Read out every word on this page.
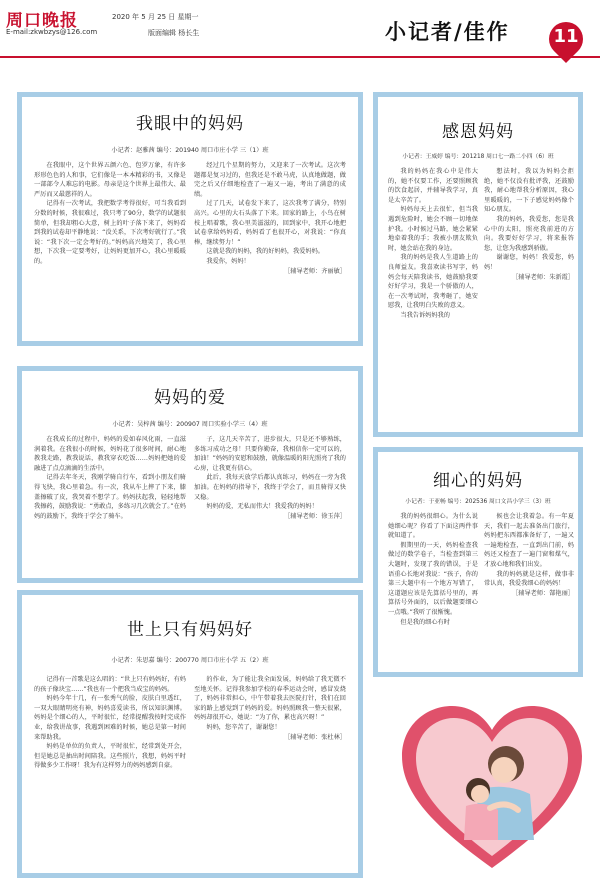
周口晚报
E-mail:zkwbzys@126.com
2020 年 5 月 25 日 星期一
版面编辑 杨长生	小记者/佳作 11
我眼中的妈妈
小记者：赵雅茜 编号：201940 周口市庄小学 三（1）班

在我眼中，这个世界五颜六色、包罗万象，有许多形形色色的人和事，它们像是一本本精彩的书，又像是一部部令人难忘的电影。母亲是这个世界上最伟大、最严厉而又最慈祥的人。

记得有一次考试，我把数学考得很好，可当我看到分数的时候，我很难过，我只考了90分，数学的试题很简单，但我却粗心大意，树上的叶子落下来了，妈妈看到我的试卷却平静地说：“没关系，下次考好就行了。”我说：“我下次一定会考好的。”妈妈高兴地笑了，我心里想，下次我一定要考好，让妈妈更加开心，我心里暖暖的。

经过几个星期的努力，又迎来了一次考试。这次考题都是复习过的，但我还是不敢马虎，认真地做题，做完之后又仔细地检查了一遍又一遍，考出了满意的成绩。

过了几天，试卷发下来了，这次我考了满分，特别高兴。心里的大石头落了下来。回家的路上，小鸟在树枝上唱着歌，我心里美滋滋的，回到家中，我开心地把试卷拿给妈妈看，妈妈看了也很开心，对我说：“你真棒，继续努力！”

这就是我的妈妈，我的好妈妈，我爱妈妈。

我爱你，妈妈！

［辅导老师：齐丽敏］
感恩妈妈
小记者：王威婷 编号：201218 周口七一路二小四（6）班

我的妈妈在我心中是伟大的，她不仅要工作，还要照顾我的饮食起居，并辅导我学习，真是太辛苦了。

妈妈每天上去很忙，但当我遇到危险时，她会不顾一切地保护我。小时候过马路，她会紧紧地牵着我的手；我被小朋友欺负时，她会站在我的身边。

我的妈妈是我人生道路上的良师益友。我喜欢读书写字，妈妈会每天陪我读书，她鼓励我要好好学习，我是一个骄傲的人，在一次考试时，我考砸了，她安慰我，让我明白失败的意义。

当我告诉妈妈我的

想法时，我以为妈妈会拒绝，她不仅没有批评我，还鼓励我，耐心地帮我分析原因，我心里暖暖的，一下子感觉妈妈像个知心朋友。

我的妈妈，我爱您，您是我心中的太阳，照亮我前进的方向。我要好好学习，将来报答您，让您为我感到骄傲。

谢谢您，妈妈！我爱您，妈妈！

［辅导老师：朱新霞］
妈妈的爱
小记者：吴梓茜 编号：200907 周口实验小学三（4）班

在我成长的过程中，妈妈的爱如春风化雨，一直滋润着我。在我很小的时候，妈妈花了很多时间，耐心地教我走路，教我说话，教我穿衣吃饭……妈妈把她的爱融进了点点滴滴的生活中。

记得去年冬天，我刚学骑自行车，看到小朋友们骑得飞快，我心里着急。有一次，我从车上摔了下来，膝盖擦破了皮，我哭着不想学了。妈妈扶起我，轻轻地帮我擦药，鼓励我说：“勇敢点，多练习几次就会了。”在妈妈的鼓励下，我终于学会了骑车。

子，这几天辛苦了，进步很大，只是还不够熟练，多练习成功之母！只要你勤奋，我相信你一定可以的，加油！”妈妈的安慰和鼓励，就像温暖的阳光照亮了我的心房，让我更有信心。

此后，我每天放学后都认真练习，妈妈在一旁为我加油。在妈妈的指导下，我终于学会了，而且骑得又快又稳。

妈妈的爱，无私而伟大！我爱我的妈妈！

［辅导老师：徐玉萍］
细心的妈妈
小记者：于亚畅 编号：202536 周口文昌小学三（3）班

我的妈妈很细心。为什么说她细心呢？你看了下面这两件事就知道了。

假期里的一天，妈妈检查我做过的数学卷子，当检查到第三大题时，发现了我的错误，于是语重心长地对我说：“孩子，你的第三大题中有一个地方写错了，这道题应该是先算括号里的，再算括号外面的，以后做题要细心一点哦。”我听了很惭愧。

但是我的细心有时

候也会让我着急。有一年夏天，我们一起去准备出门旅行，妈妈把东西都准备好了，一遍又一遍地检查，一直到出门前，妈妈还又检查了一遍门窗和煤气，才放心地和我们出发。

我的妈妈就是这样，做事非常认真，我爱我细心的妈妈！

［辅导老师：郜艳丽］
世上只有妈妈好
小记者：朱思嘉 编号：200770 周口市庄小学 五（2）班

记得有一首歌是这么唱的：“世上只有妈妈好，有妈的孩子像块宝……”我也有一个把我当成宝的妈妈。

妈妈今年十几，有一张秀气的脸，皮肤白里透红，一双大眼睛明亮有神，妈妈喜爱读书，所以知识渊博。妈妈是个细心的人，平时很忙，经常提醒我按时完成作业，给我讲故事，我遇到困难的时候，她总是第一时间来帮助我。

妈妈是单位的负责人，平时很忙，经常到处开会，但是她总是抽出时间陪我。这些照片，我想，妈妈平时得做多少工作呀！我为有这样努力的妈妈感到自豪。

的作业，为了能让我全面发展，妈妈给了我无微不至地关怀。记得我参加学校的春季运动会时，感冒发烧了，妈妈非常担心，中午带着我去医院打针，我们在回家的路上感觉到了妈妈的爱。妈妈照顾我一整天很累，妈妈却很开心，她说：“为了你，累也高兴呀！”

妈妈，您辛苦了，谢谢您！

［辅导老师：张杜林］
